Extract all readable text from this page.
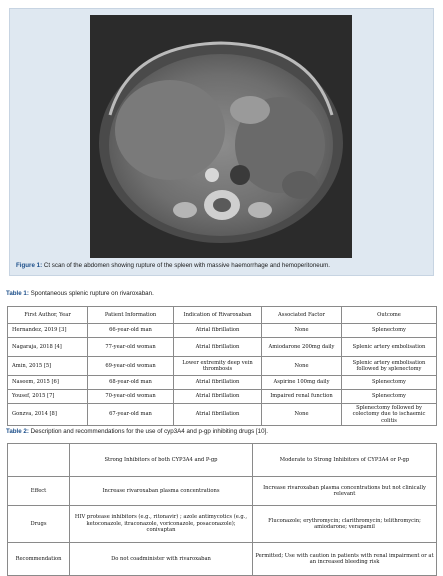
Figure 1: Ct scan of the abdomen showing rupture of the spleen with massive haemorrhage and hemoperitoneum.
Table 1: Spontaneous splenic rupture on rivaroxaban.
First Author, Year	Patient Information	Indication of Rivaroxaban	Associated Factor	Outcome
Hernandez, 2019 [3]	66-year-old man	Atrial fibrillation	None	Splenectomy
Nagaraja, 2018 [4]	77-year-old woman	Atrial fibrillation	Amiodarone 200mg daily	Splenic artery embolisation
Amin, 2015 [5]	69-year-old woman	Lower extremity deep vein thrombosis	None	Splenic artery embolisation followed by splenectomy
Naseem, 2015 [6]	68-year-old man	Atrial fibrillation	Aspirine 100mg daily	Splenectomy
Yousef, 2015 [7]	70-year-old woman	Atrial fibrillation	Impaired renal function	Splenectomy
Gonzva, 2014 [8]	67-year-old man	Atrial fibrillation	None	Splenectomy followed by colectomy due to ischaemic colitis
Table 2: Description and recommendations for the use of cyp3A4 and p-gp inhibiting drugs [10].
	Strong Inhibitors of both CYP3A4 and P-gp	Moderate to Strong Inhibitors of CYP3A4 or P-gp
Effect	Increase rivaroxaban plasma concentrations	Increase rivaroxaban plasma concentrations but not clinically relevant
Drugs	HIV protease inhibitors (e.g., ritonavir) ; azole antimycotics (e.g., ketoconazole, itraconazole, voriconazole, posaconazole); conivaptan	Fluconazole; erythromycin; clarithromycin; telithromycin; amiodarone; verapamil
Recommendation	Do not coadminister with rivaroxaban	Permitted; Use with caution in patients with renal impairment or at an increased bleeding risk
